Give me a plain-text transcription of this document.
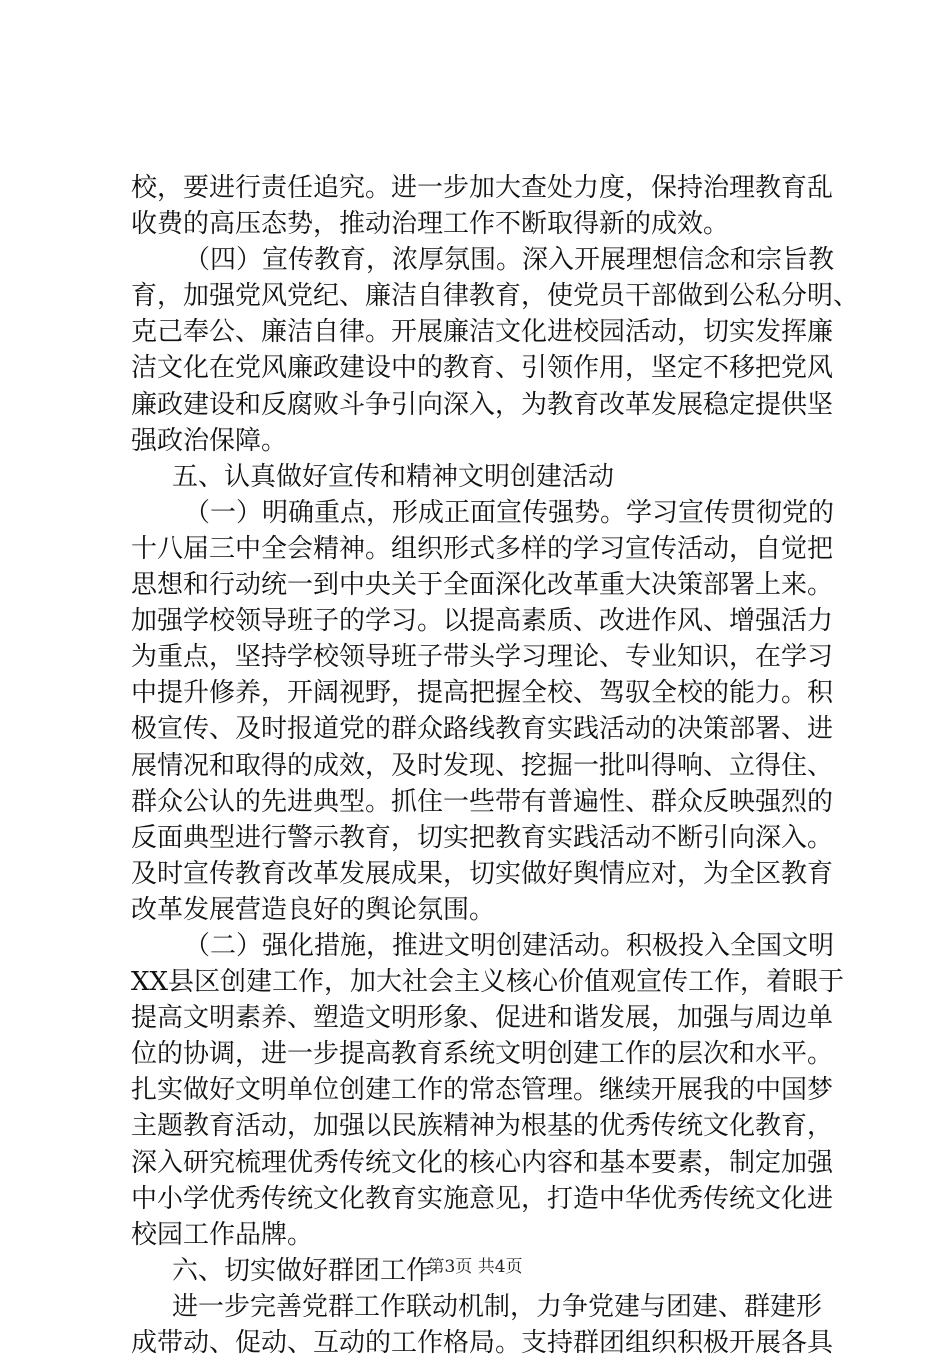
校，要进行责任追究。进一步加大查处力度，保持治理教育乱
收费的高压态势，推动治理工作不断取得新的成效。
（四）宣传教育，浓厚氛围。深入开展理想信念和宗旨教
育，加强党风党纪、廉洁自律教育，使党员干部做到公私分明、
克己奉公、廉洁自律。开展廉洁文化进校园活动，切实发挥廉
洁文化在党风廉政建设中的教育、引领作用，坚定不移把党风
廉政建设和反腐败斗争引向深入，为教育改革发展稳定提供坚
强政治保障。
五、认真做好宣传和精神文明创建活动
（一）明确重点，形成正面宣传强势。学习宣传贯彻党的
十八届三中全会精神。组织形式多样的学习宣传活动，自觉把
思想和行动统一到中央关于全面深化改革重大决策部署上来。
加强学校领导班子的学习。以提高素质、改进作风、增强活力
为重点，坚持学校领导班子带头学习理论、专业知识，在学习
中提升修养，开阔视野，提高把握全校、驾驭全校的能力。积
极宣传、及时报道党的群众路线教育实践活动的决策部署、进
展情况和取得的成效，及时发现、挖掘一批叫得响、立得住、
群众公认的先进典型。抓住一些带有普遍性、群众反映强烈的
反面典型进行警示教育，切实把教育实践活动不断引向深入。
及时宣传教育改革发展成果，切实做好舆情应对，为全区教育
改革发展营造良好的舆论氛围。
（二）强化措施，推进文明创建活动。积极投入全国文明
XX县区创建工作，加大社会主义核心价值观宣传工作，着眼于
提高文明素养、塑造文明形象、促进和谐发展，加强与周边单
位的协调，进一步提高教育系统文明创建工作的层次和水平。
扎实做好文明单位创建工作的常态管理。继续开展我的中国梦
主题教育活动，加强以民族精神为根基的优秀传统文化教育，
深入研究梳理优秀传统文化的核心内容和基本要素，制定加强
中小学优秀传统文化教育实施意见，打造中华优秀传统文化进
校园工作品牌。
六、切实做好群团工作
进一步完善党群工作联动机制，力争党建与团建、群建形
成带动、促动、互动的工作格局。支持群团组织积极开展各具
第3页 共4页
